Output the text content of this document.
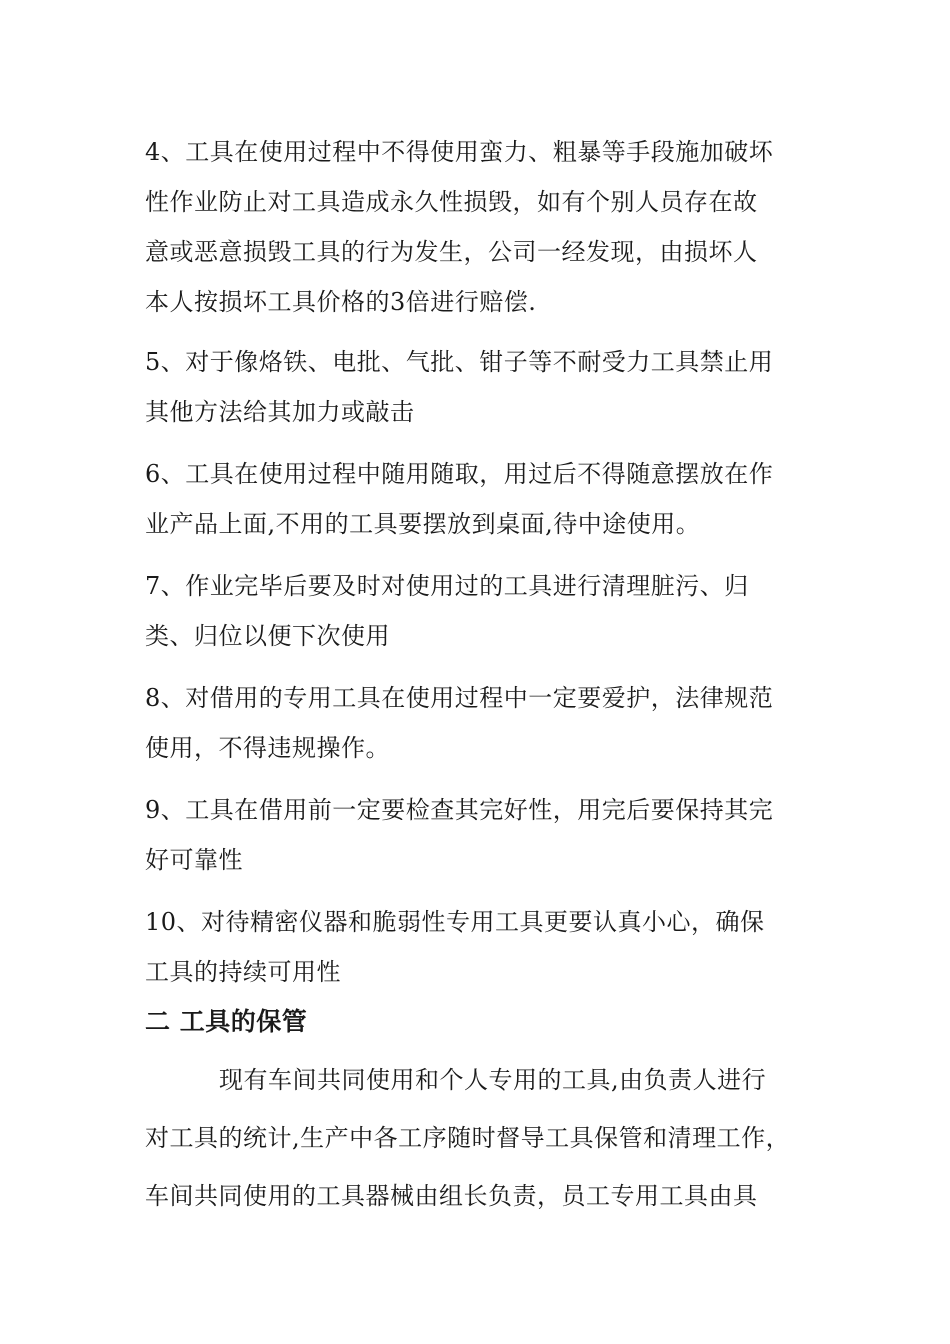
4、工具在使用过程中不得使用蛮力、粗暴等手段施加破坏
性作业防止对工具造成永久性损毁，如有个别人员存在故
意或恶意损毁工具的行为发生，公司一经发现，由损坏人
本人按损坏工具价格的3倍进行赔偿.
5、对于像烙铁、电批、气批、钳子等不耐受力工具禁止用
其他方法给其加力或敲击
6、工具在使用过程中随用随取，用过后不得随意摆放在作
业产品上面,不用的工具要摆放到桌面,待中途使用。
7、作业完毕后要及时对使用过的工具进行清理脏污、归
类、归位以便下次使用
8、对借用的专用工具在使用过程中一定要爱护，法律规范
使用，不得违规操作。
9、工具在借用前一定要检查其完好性，用完后要保持其完
好可靠性
10、对待精密仪器和脆弱性专用工具更要认真小心，确保
工具的持续可用性
二 工具的保管
现有车间共同使用和个人专用的工具,由负责人进行
对工具的统计,生产中各工序随时督导工具保管和清理工作，
车间共同使用的工具器械由组长负责，员工专用工具由具
